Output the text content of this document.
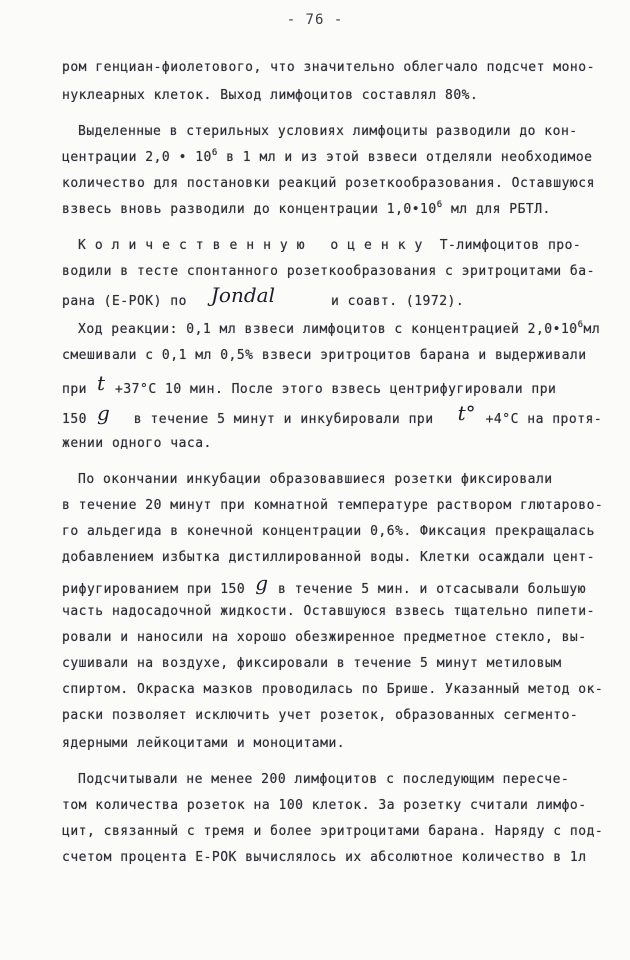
- 76 -
ром генциан-фиолетового, что значительно облегчало подсчет моно-
нуклеарных клеток. Выход лимфоцитов составлял 80%.
Выделенные в стерильных условиях лимфоциты разводили до кон-
центрации 2,0 • $10^6$ в 1 мл и из этой взвеси отделяли необходимое
количество для постановки реакций розеткообразования. Оставшуюся
взвесь вновь разводили до концентрации $1,0•10^6$ мл для РБТЛ.
Количественную оценку Т-лимфоцитов про-
водили в тесте спонтанного розеткообразования с эритроцитами ба-
рана (Е-РОК) по Jondal	и соавт. (1972).
Ход реакции: 0,1 мл взвеси лимфоцитов с концентрацией $2,0•10^6мл$
смешивали с 0,1 мл 0,5% взвеси эритроцитов барана и выдерживали
при t +37°С 10 мин. После этого взвесь центрифугировали при
150 g в течение 5 минут и инкубировали при t° +4°С на протя-
жении одного часа.
По окончании инкубации образовавшиеся розетки фиксировали
в течение 20 минут при комнатной температуре раствором глютарово-
го альдегида в конечной концентрации 0,6%. Фиксация прекращалась
добавлением избытка дистиллированной воды. Клетки осаждали цент-
рифугированием при 150 g в течение 5 мин. и отсасывали большую
часть надосадочной жидкости. Оставшуюся взвесь тщательно пипети-
ровали и наносили на хорошо обезжиренное предметное стекло, вы-
сушивали на воздухе, фиксировали в течение 5 минут метиловым
спиртом. Окраска мазков проводилась по Брише. Указанный метод ок-
раски позволяет исключить учет розеток, образованных сегменто-
ядерными лейкоцитами и моноцитами.
Подсчитывали не менее 200 лимфоцитов с последующим пересче-
том количества розеток на 100 клеток. За розетку считали лимфо-
цит, связанный с тремя и более эритроцитами барана. Наряду с под-
счетом процента Е-РОК вычислялось их абсолютное количество в 1л
